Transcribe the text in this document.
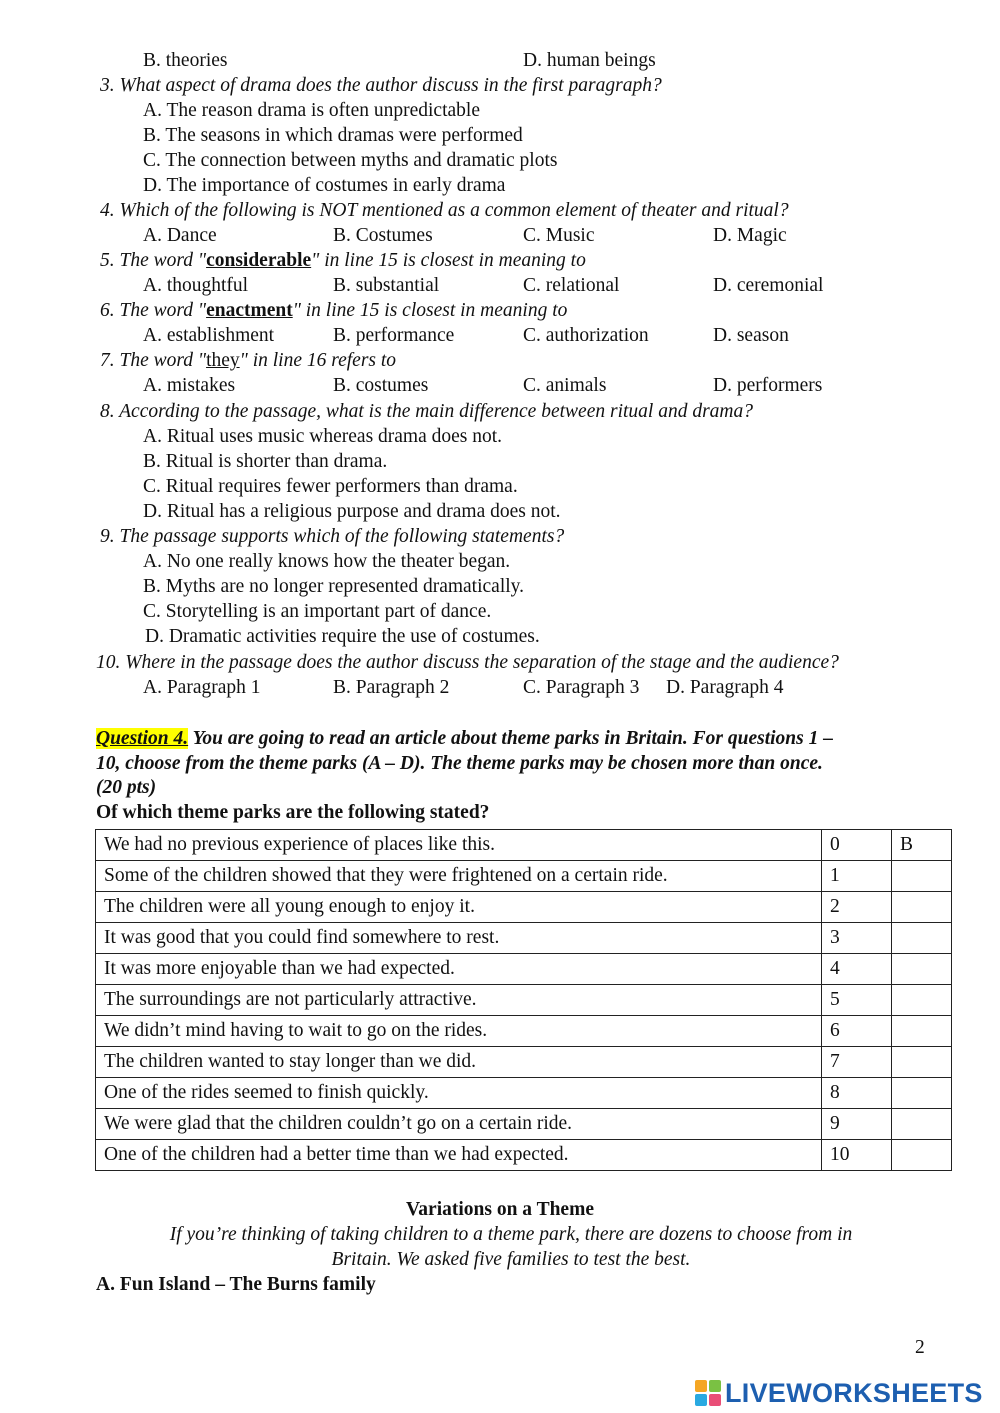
B. theories	D. human beings
3. What aspect of drama does the author discuss in the first paragraph?
A. The reason drama is often unpredictable
B. The seasons in which dramas were performed
C. The connection between myths and dramatic plots
D. The importance of costumes in early drama
4. Which of the following is NOT mentioned as a common element of theater and ritual?
A. Dance	B. Costumes	C. Music	D. Magic
5. The word "considerable" in line 15 is closest in meaning to
A. thoughtful	B. substantial	C. relational	D. ceremonial
6. The word "enactment" in line 15 is closest in meaning to
A. establishment	B. performance	C. authorization	D. season
7. The word "they" in line 16 refers to
A. mistakes	B. costumes	C. animals	D. performers
8. According to the passage, what is the main difference between ritual and drama?
A. Ritual uses music whereas drama does not.
B. Ritual is shorter than drama.
C. Ritual requires fewer performers than drama.
D. Ritual has a religious purpose and drama does not.
9. The passage supports which of the following statements?
A. No one really knows how the theater began.
B. Myths are no longer represented dramatically.
C. Storytelling is an important part of dance.
D. Dramatic activities require the use of costumes.
10. Where in the passage does the author discuss the separation of the stage and the audience?
A. Paragraph 1	B. Paragraph 2	C. Paragraph 3 D. Paragraph 4
Question 4. You are going to read an article about theme parks in Britain. For questions 1 –
10, choose from the theme parks (A – D). The theme parks may be chosen more than once.
(20 pts)
Of which theme parks are the following stated?
We had no previous experience of places like this.	0	B
Some of the children showed that they were frightened on a certain ride.	1	
The children were all young enough to enjoy it.	2	
It was good that you could find somewhere to rest.	3	
It was more enjoyable than we had expected.	4	
The surroundings are not particularly attractive.	5	
We didn’t mind having to wait to go on the rides.	6	
The children wanted to stay longer than we did.	7	
One of the rides seemed to finish quickly.	8	
We were glad that the children couldn’t go on a certain ride.	9	
One of the children had a better time than we had expected.	10	
Variations on a Theme
If you’re thinking of taking children to a theme park, there are dozens to choose from in
Britain. We asked five families to test the best.
A. Fun Island – The Burns family
2
LIVEWORKSHEETS
